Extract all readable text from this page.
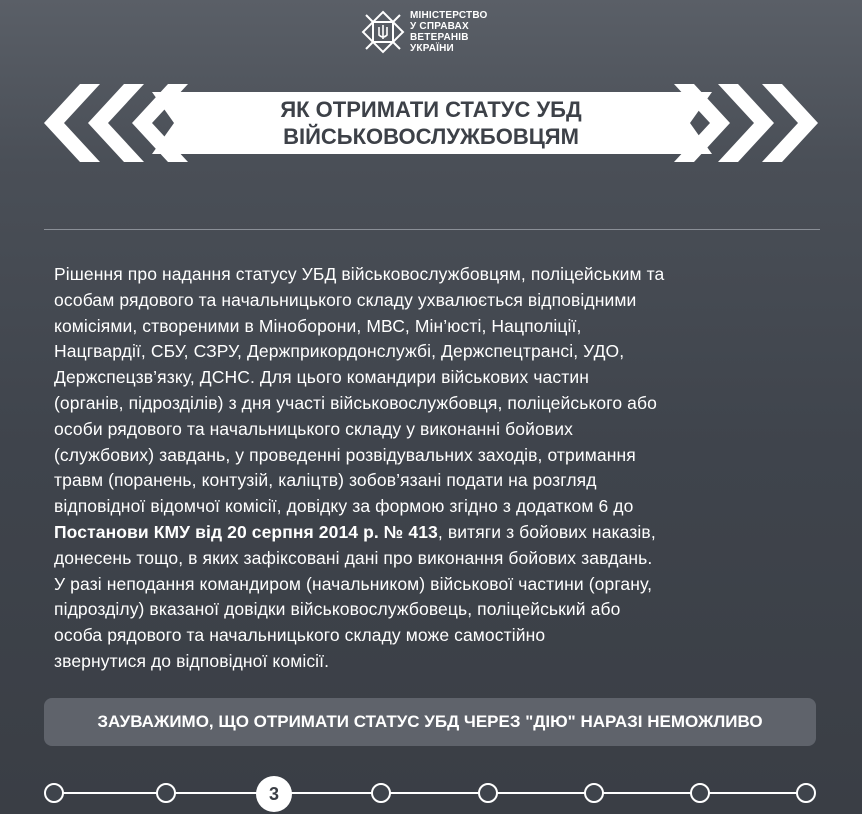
МІНІСТЕРСТВО
У СПРАВАХ
ВЕТЕРАНІВ
УКРАЇНИ
ЯК ОТРИМАТИ СТАТУС УБД
ВІЙСЬКОВОСЛУЖБОВЦЯМ
Рішення про надання статусу УБД військовослужбовцям, поліцейським та
особам рядового та начальницького складу ухвалюється відповідними
комісіями, створеними в Міноборони, МВС, Мін’юсті, Нацполіції,
Нацгвардії, СБУ, СЗРУ, Держприкордонслужбі, Держспецтрансі, УДО,
Держспецзв’язку, ДСНС. Для цього командири військових частин
(органів, підрозділів) з дня участі військовослужбовця, поліцейського або
особи рядового та начальницького складу у виконанні бойових
(службових) завдань, у проведенні розвідувальних заходів, отримання
травм (поранень, контузій, каліцтв) зобов’язані подати на розгляд
відповідної відомчої комісії, довідку за формою згідно з додатком 6 до
Постанови КМУ від 20 серпня 2014 р. № 413, витяги з бойових наказів,
донесень тощо, в яких зафіксовані дані про виконання бойових завдань.
У разі неподання командиром (начальником) військової частини (органу,
підрозділу) вказаної довідки військовослужбовець, поліцейський або
особа рядового та начальницького складу може самостійно
звернутися до відповідної комісії.
ЗАУВАЖИМО, ЩО ОТРИМАТИ СТАТУС УБД ЧЕРЕЗ "ДІЮ" НАРАЗІ НЕМОЖЛИВО
3
